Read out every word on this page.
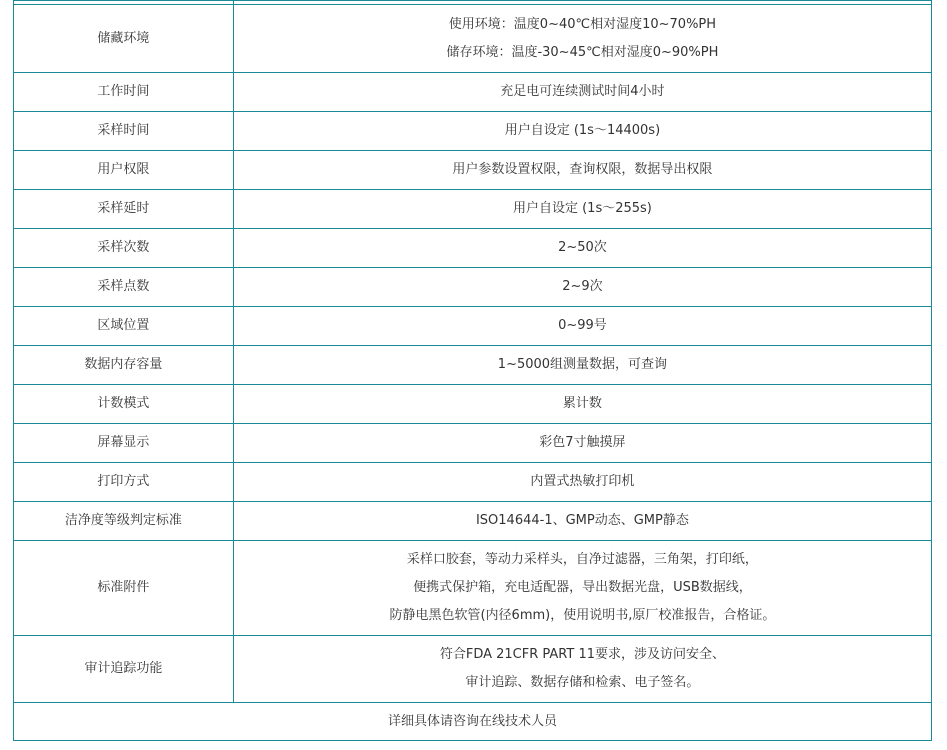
储藏环境	使用环境：温度0~40℃相对湿度10~70%PH
储存环境：温度-30~45℃相对湿度0~90%PH

工作时间	充足电可连续测试时间4小时

采样时间	用户自设定 (1s～14400s)

用户权限	用户参数设置权限，查询权限，数据导出权限

采样延时	用户自设定 (1s～255s)

采样次数	2~50次

采样点数	2~9次

区域位置	0~99号

数据内存容量	1~5000组测量数据，可查询

计数模式	累计数

屏幕显示	彩色7寸触摸屏

打印方式	内置式热敏打印机

洁净度等级判定标准	ISO14644-1、GMP动态、GMP静态

标准附件	采样口胶套，等动力采样头，自净过滤器，三角架，打印纸，
便携式保护箱，充电适配器，导出数据光盘，USB数据线，
防静电黑色软管(内径6mm)，使用说明书,原厂校准报告，合格证。

审计追踪功能	符合FDA 21CFR PART 11要求，涉及访问安全、
审计追踪、数据存储和检索、电子签名。

详细具体请咨询在线技术人员	
